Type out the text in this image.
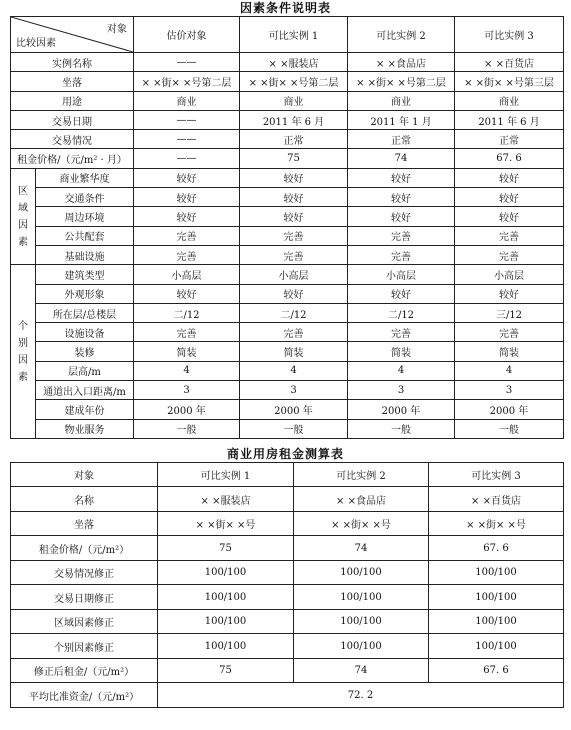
因素条件说明表
对象
比较因素		估价对象	可比实例 1	可比实例 2	可比实例 3
实例名称		——	× ×服装店	× ×食品店	× ×百货店
坐落		× ×街× ×号第二层	× ×街× ×号第二层	× ×街× ×号第二层	× ×街× ×号第三层
用途		商业	商业	商业	商业
交易日期		——	2011 年 6 月	2011 年 1 月	2011 年 6 月
交易情况		——	正常	正常	正常
租金价格/（元/m² · 月）		——	75	74	67. 6

区
域
因
素	商业繁华度	较好	较好	较好	较好
	交通条件	较好	较好	较好	较好
	周边环境	较好	较好	较好	较好
	公共配套	完善	完善	完善	完善
	基础设施	完善	完善	完善	完善

个
别
因
素	建筑类型	小高层	小高层	小高层	小高层
	外观形象	较好	较好	较好	较好
	所在层/总楼层	二/12	二/12	二/12	三/12
	设施设备	完善	完善	完善	完善
	装修	简装	简装	简装	简装
	层高/m	4	4	4	4
	通道出入口距离/m	3	3	3	3
	建成年份	2000 年	2000 年	2000 年	2000 年
	物业服务	一般	一般	一般	一般
商业用房租金测算表
对象	可比实例 1	可比实例 2	可比实例 3
名称	× ×服装店	× ×食品店	× ×百货店
坐落	× ×街× ×号	× ×街× ×号	× ×街× ×号
租金价格/（元/m²）	75	74	67. 6
交易情况修正	100/100	100/100	100/100
交易日期修正	100/100	100/100	100/100
区域因素修正	100/100	100/100	100/100
个别因素修正	100/100	100/100	100/100
修正后租金/（元/m²）	75	74	67. 6
平均比准资金/（元/m²）	72. 2		
